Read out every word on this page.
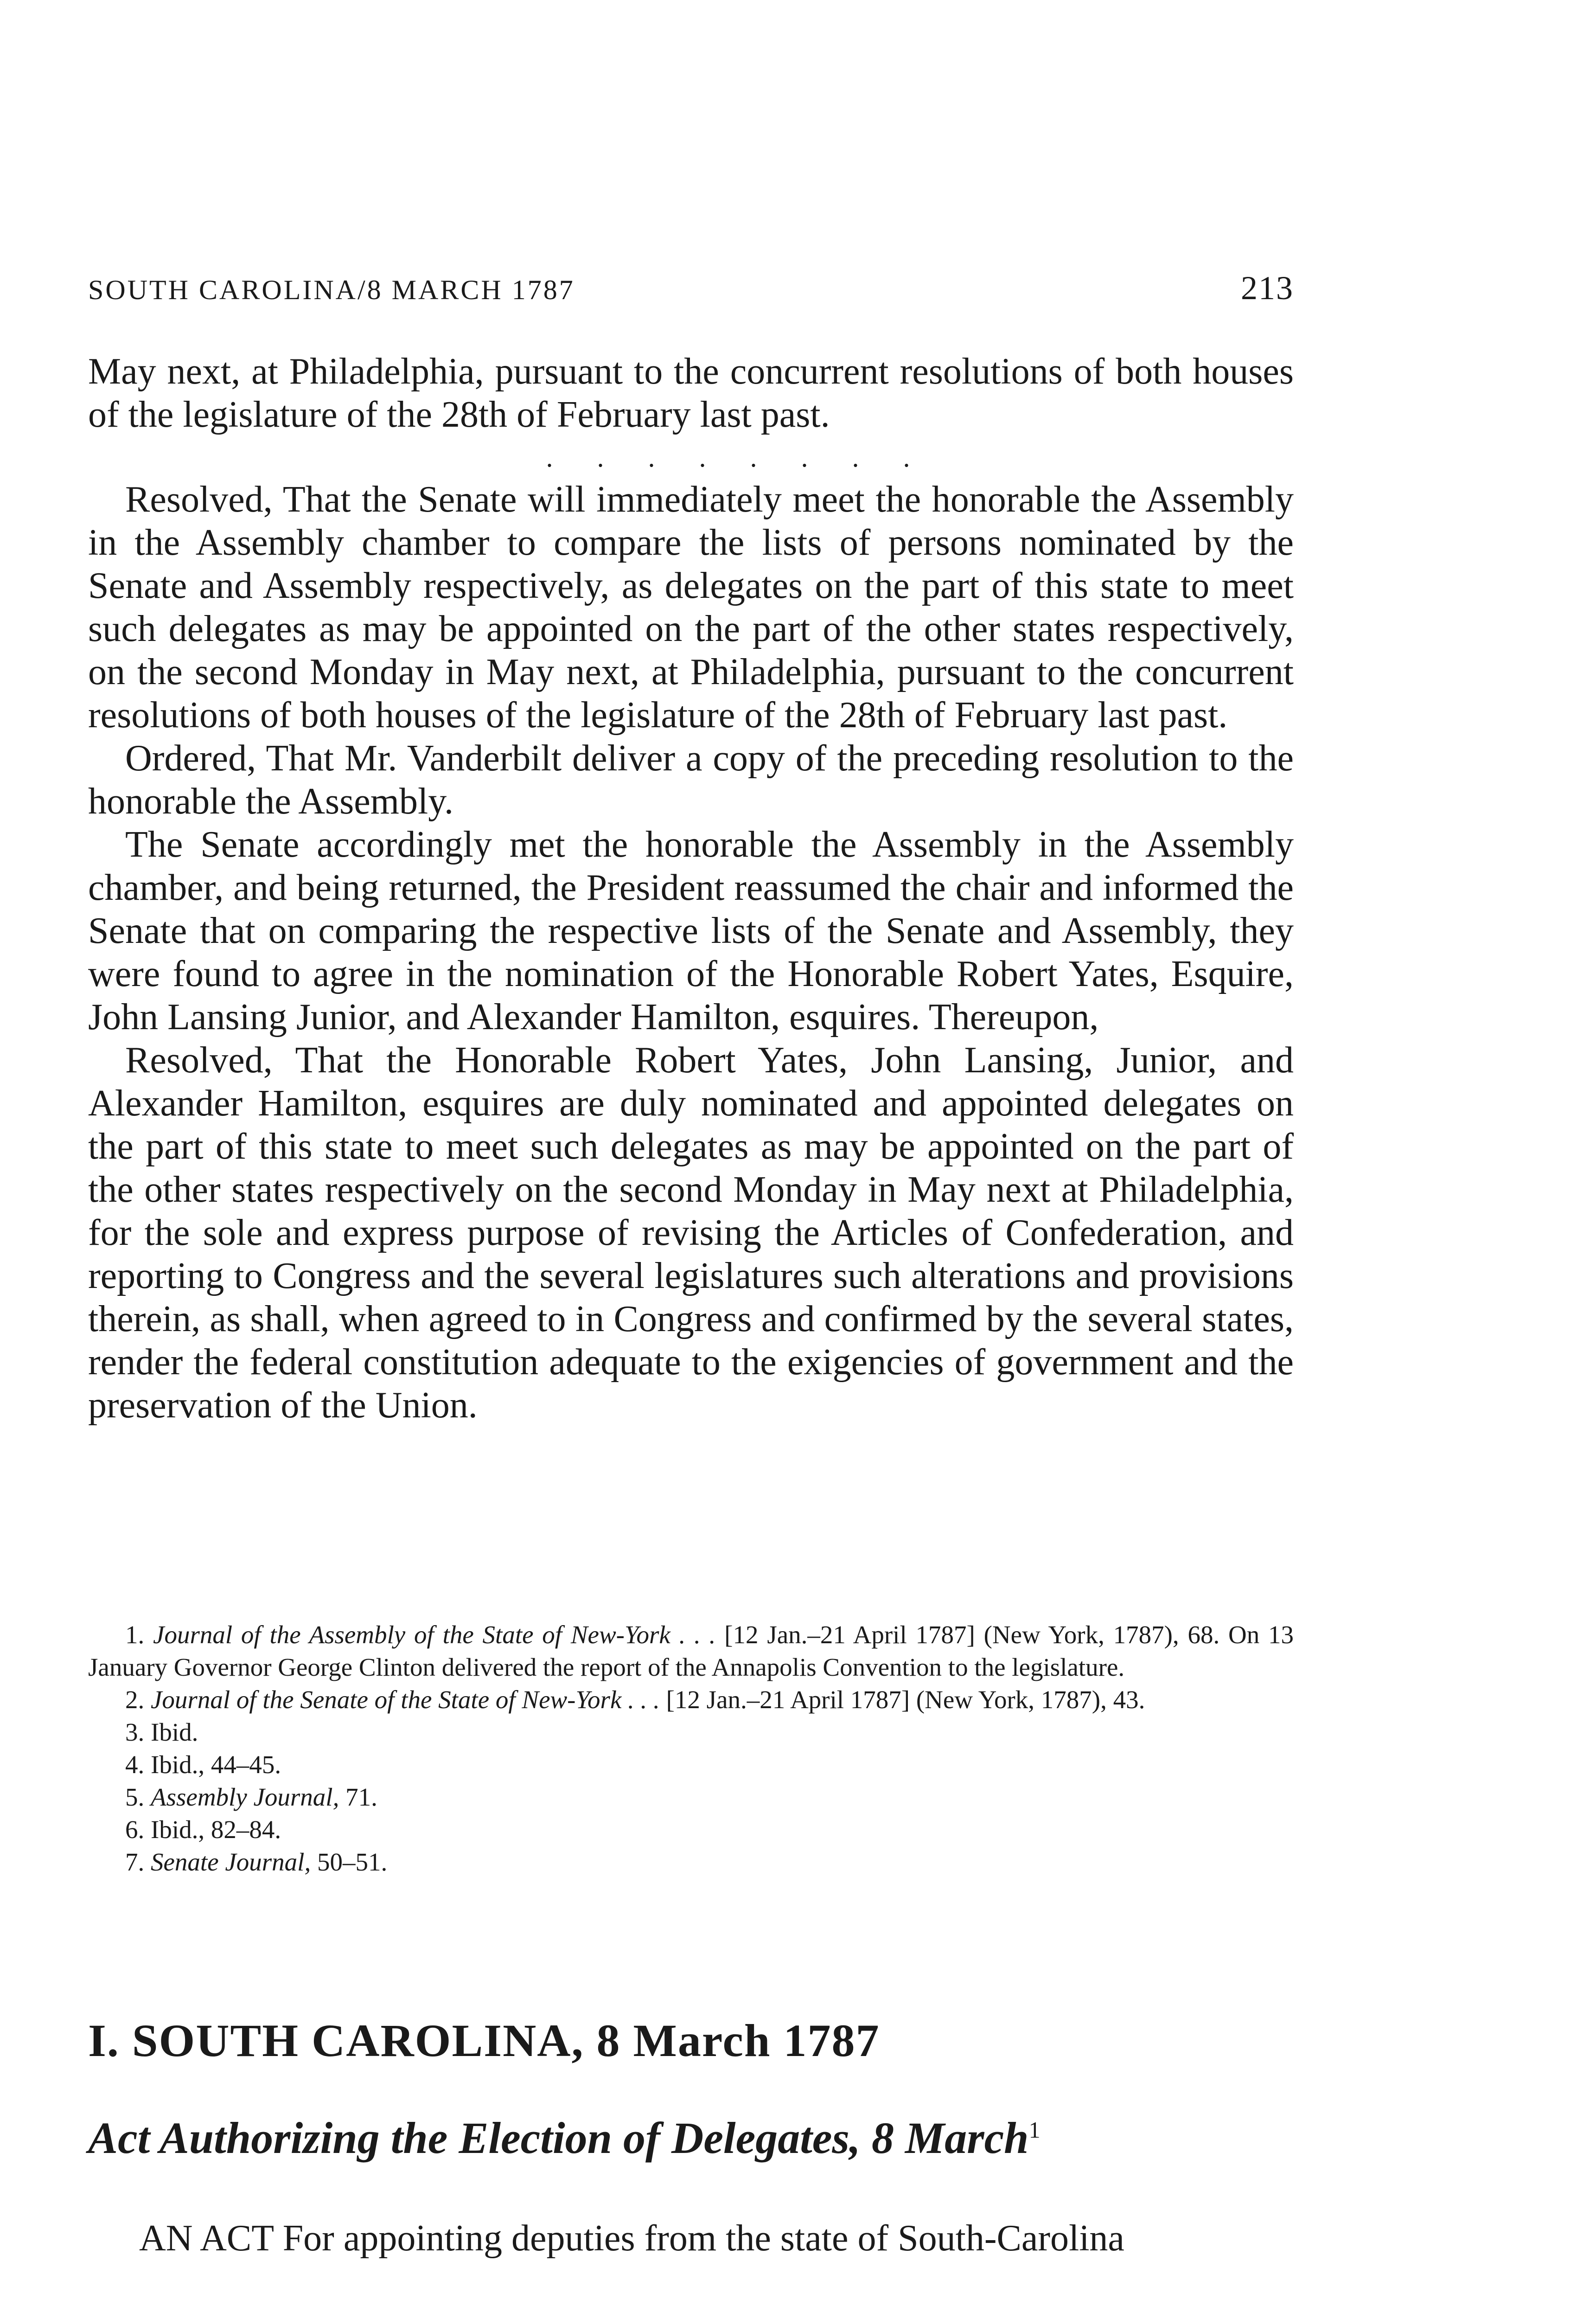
SOUTH CAROLINA/8 MARCH 1787	213

May next, at Philadelphia, pursuant to the concurrent resolutions of both houses of the legislature of the 28th of February last past.

. . . . . . . .

Resolved, That the Senate will immediately meet the honorable the Assembly in the Assembly chamber to compare the lists of persons nominated by the Senate and Assembly respectively, as delegates on the part of this state to meet such delegates as may be appointed on the part of the other states respectively, on the second Monday in May next, at Philadelphia, pursuant to the concurrent resolutions of both houses of the legislature of the 28th of February last past.

Ordered, That Mr. Vanderbilt deliver a copy of the preceding resolution to the honorable the Assembly.

The Senate accordingly met the honorable the Assembly in the Assembly chamber, and being returned, the President reassumed the chair and informed the Senate that on comparing the respective lists of the Senate and Assembly, they were found to agree in the nomination of the Honorable Robert Yates, Esquire, John Lansing Junior, and Alexander Hamilton, esquires. Thereupon,

Resolved, That the Honorable Robert Yates, John Lansing, Junior, and Alexander Hamilton, esquires are duly nominated and appointed delegates on the part of this state to meet such delegates as may be appointed on the part of the other states respectively on the second Monday in May next at Philadelphia, for the sole and express purpose of revising the Articles of Confederation, and reporting to Congress and the several legislatures such alterations and provisions therein, as shall, when agreed to in Congress and confirmed by the several states, render the federal constitution adequate to the exigencies of government and the preservation of the Union.

1. Journal of the Assembly of the State of New-York . . . [12 Jan.–21 April 1787] (New York, 1787), 68. On 13 January Governor George Clinton delivered the report of the Annapolis Convention to the legislature.

2. Journal of the Senate of the State of New-York . . . [12 Jan.–21 April 1787] (New York, 1787), 43.

3. Ibid.

4. Ibid., 44–45.

5. Assembly Journal, 71.

6. Ibid., 82–84.

7. Senate Journal, 50–51.

I. SOUTH CAROLINA, 8 March 1787
Act Authorizing the Election of Delegates, 8 March$^1$

AN ACT For appointing deputies from the state of South-Carolina
